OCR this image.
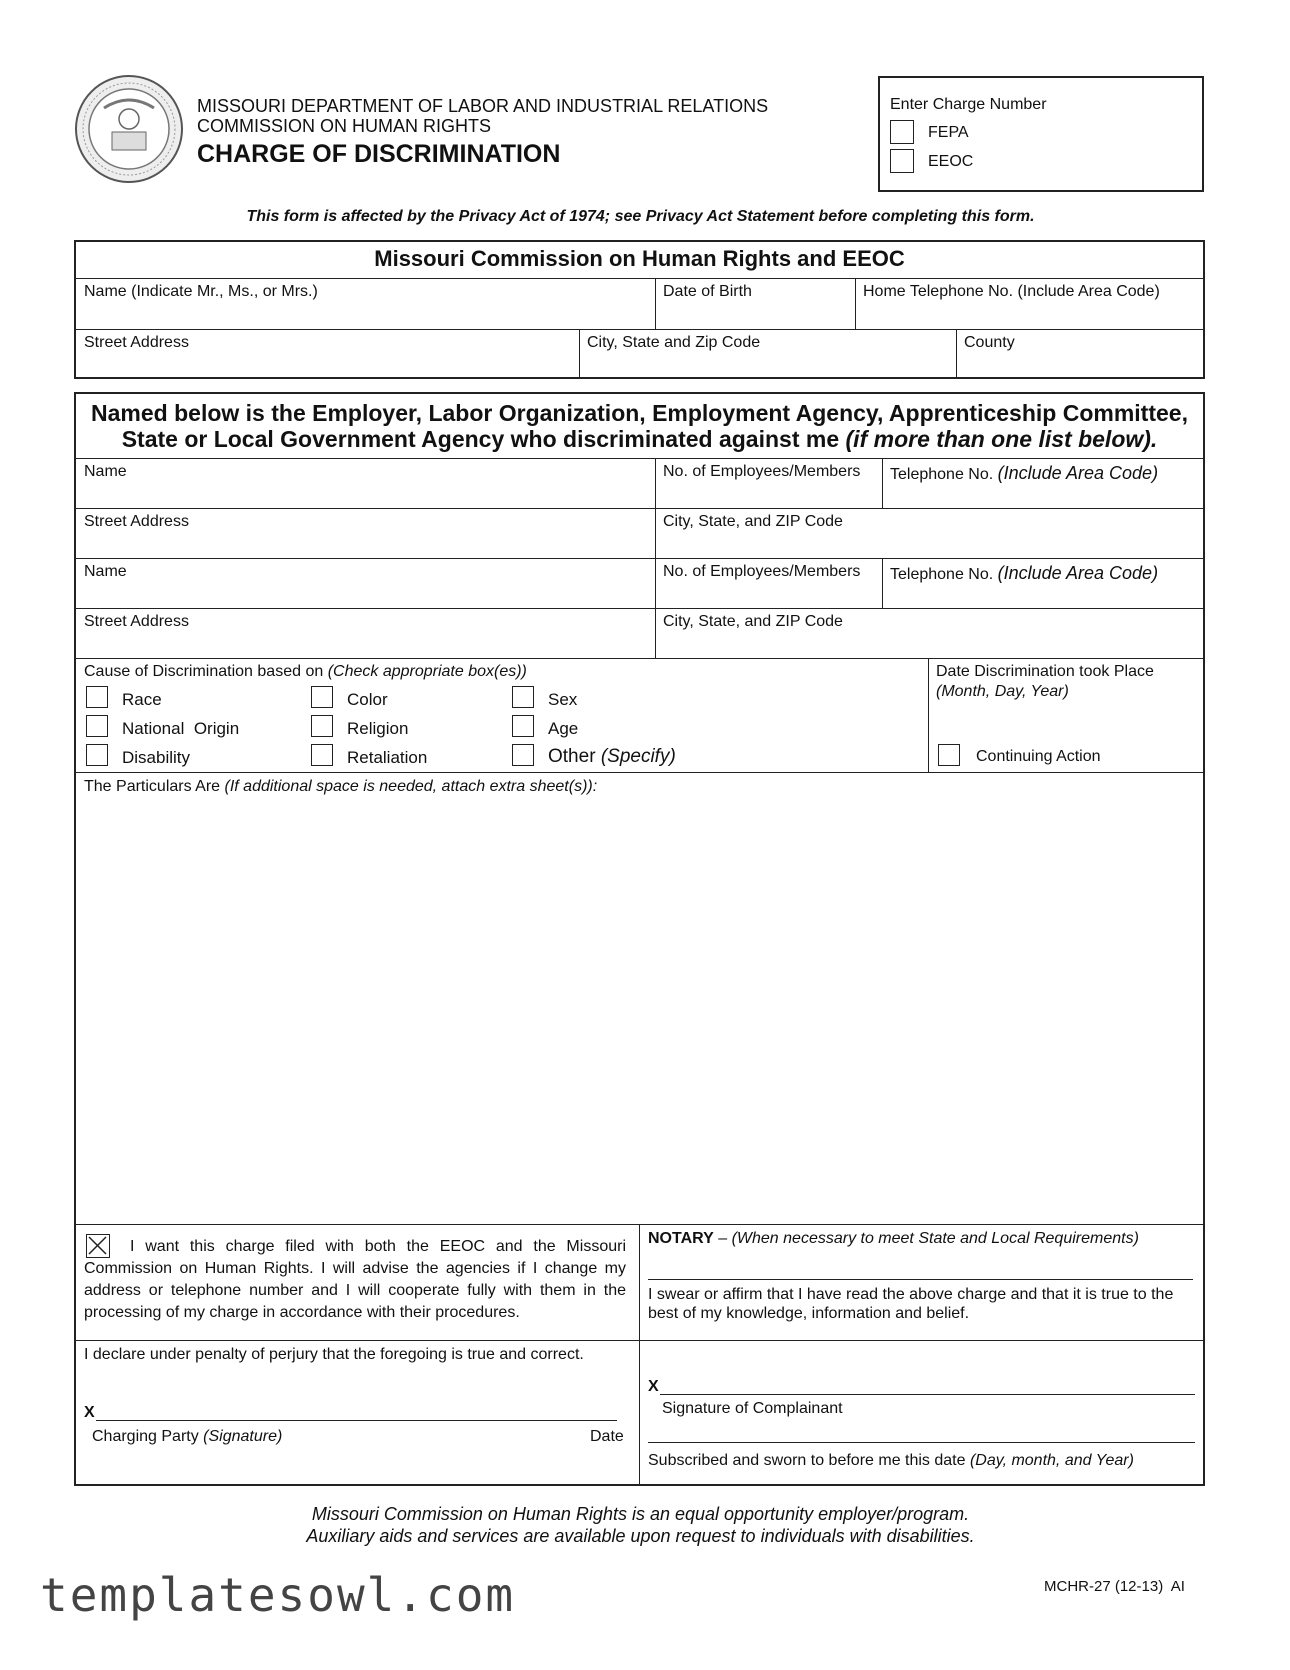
MISSOURI DEPARTMENT OF LABOR AND INDUSTRIAL RELATIONS
COMMISSION ON HUMAN RIGHTS
CHARGE OF DISCRIMINATION
Enter Charge Number
FEPA
EEOC
This form is affected by the Privacy Act of 1974; see Privacy Act Statement before completing this form.
Missouri Commission on Human Rights and EEOC
Name (Indicate Mr., Ms., or Mrs.)	Date of Birth	Home Telephone No. (Include Area Code)
Street Address	City, State and Zip Code	County
Named below is the Employer, Labor Organization, Employment Agency, Apprenticeship Committee,
State or Local Government Agency who discriminated against me (if more than one list below).
Name	No. of Employees/Members	Telephone No. (Include Area Code)
Street Address	City, State, and ZIP Code
Name	No. of Employees/Members	Telephone No. (Include Area Code)
Street Address	City, State, and ZIP Code
Cause of Discrimination based on (Check appropriate box(es))
Race	Color	Sex
National  Origin	Religion	Age
Disability	Retaliation	Other (Specify)
Date Discrimination took Place
(Month, Day, Year)
Continuing Action
The Particulars Are (If additional space is needed, attach extra sheet(s)):
I want this charge filed with both the EEOC and the Missouri Commission on Human Rights. I will advise the agencies if I change my address or telephone number and I will cooperate fully with them in the processing of my charge in accordance with their procedures.
NOTARY – (When necessary to meet State and Local Requirements)
I swear or affirm that I have read the above charge and that it is true to the best of my knowledge, information and belief.
I declare under penalty of perjury that the foregoing is true and correct.
X
Charging Party (Signature)	Date
X
Signature of Complainant
Subscribed and sworn to before me this date (Day, month, and Year)
Missouri Commission on Human Rights is an equal opportunity employer/program.
Auxiliary aids and services are available upon request to individuals with disabilities.
templatesowl.com	MCHR-27 (12-13)  AI
